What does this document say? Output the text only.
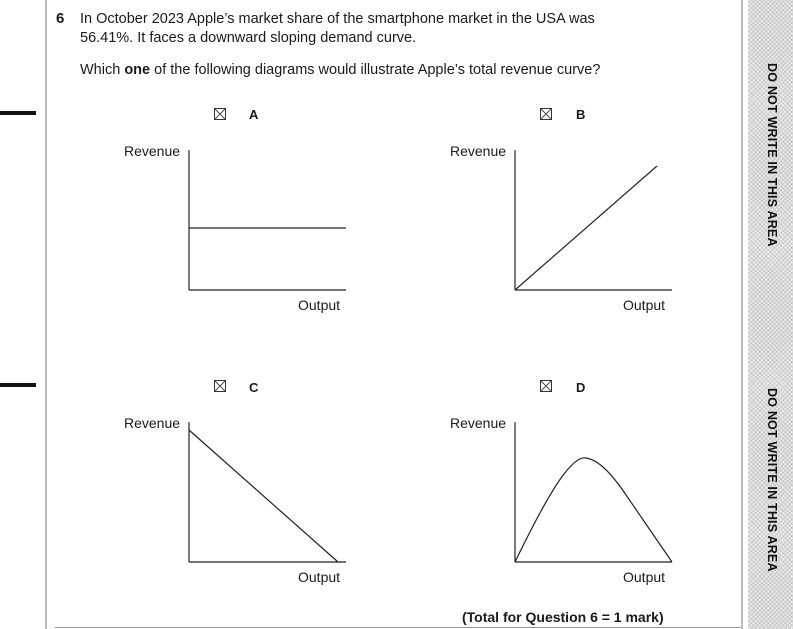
DO NOT WRITE IN THIS AREA
DO NOT WRITE IN THIS AREA
6 In October 2023 Apple’s market share of the smartphone market in the USA was
56.41%. It faces a downward sloping demand curve.
Which one of the following diagrams would illustrate Apple’s total revenue curve?
A
Revenue
Output
B
Revenue
Output
C
Revenue
Output
D
Revenue
Output
(Total for Question 6 = 1 mark)
